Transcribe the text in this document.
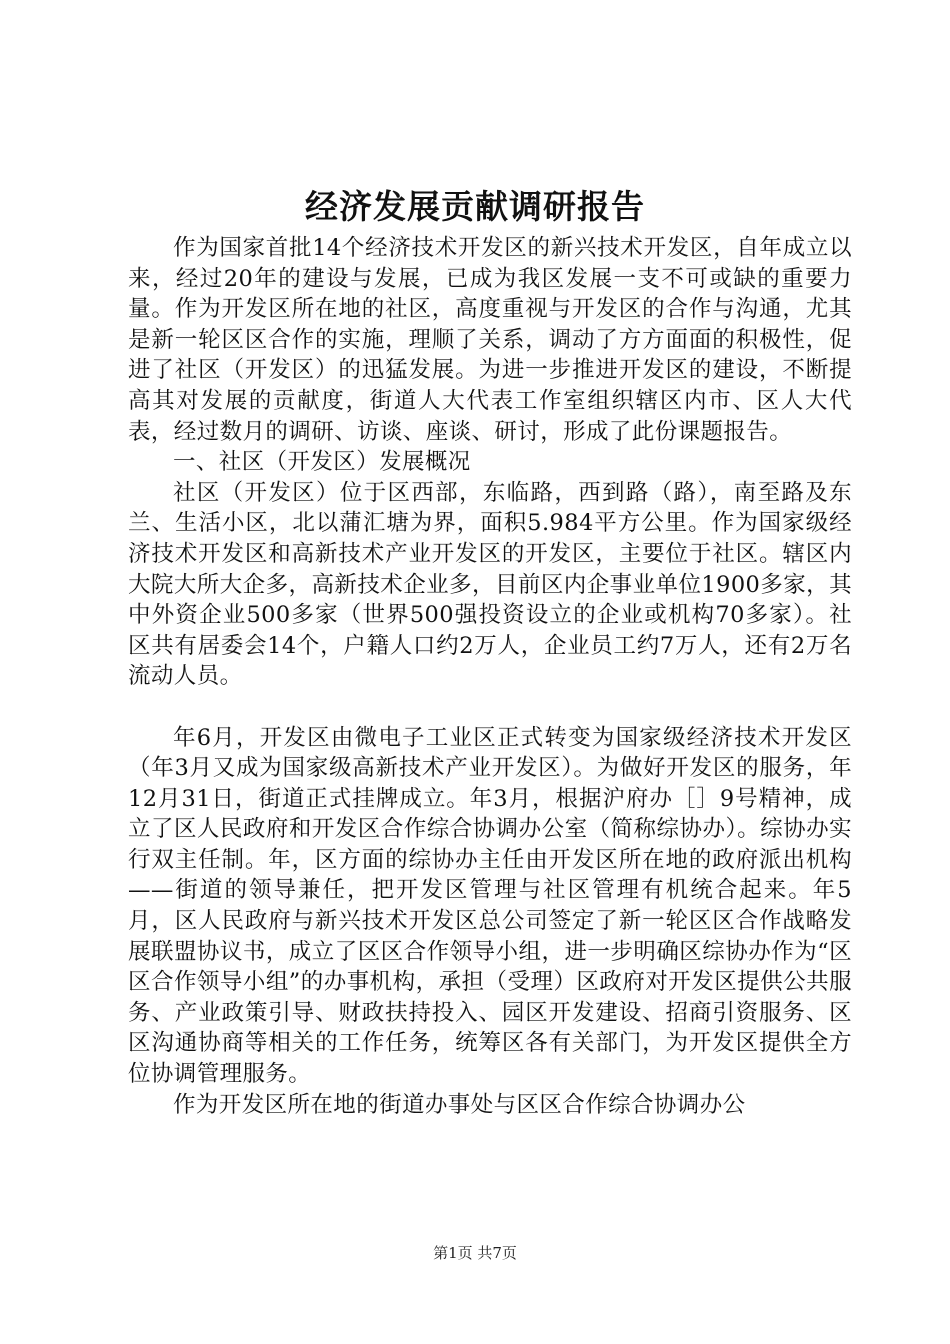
经济发展贡献调研报告

作为国家首批14个经济技术开发区的新兴技术开发区，自年成立以来，经过20年的建设与发展，已成为我区发展一支不可或缺的重要力量。作为开发区所在地的社区，高度重视与开发区的合作与沟通，尤其是新一轮区区合作的实施，理顺了关系，调动了方方面面的积极性，促进了社区（开发区）的迅猛发展。为进一步推进开发区的建设，不断提高其对发展的贡献度，街道人大代表工作室组织辖区内市、区人大代表，经过数月的调研、访谈、座谈、研讨，形成了此份课题报告。

一、社区（开发区）发展概况

社区（开发区）位于区西部，东临路，西到路（路），南至路及东兰、生活小区，北以蒲汇塘为界，面积5.984平方公里。作为国家级经济技术开发区和高新技术产业开发区的开发区，主要位于社区。辖区内大院大所大企多，高新技术企业多，目前区内企事业单位1900多家，其中外资企业500多家（世界500强投资设立的企业或机构70多家）。社区共有居委会14个，户籍人口约2万人，企业员工约7万人，还有2万名流动人员。

年6月，开发区由微电子工业区正式转变为国家级经济技术开发区（年3月又成为国家级高新技术产业开发区）。为做好开发区的服务，年12月31日，街道正式挂牌成立。年3月，根据沪府办［］9号精神，成立了区人民政府和开发区合作综合协调办公室（简称综协办）。综协办实行双主任制。年，区方面的综协办主任由开发区所在地的政府派出机构——街道的领导兼任，把开发区管理与社区管理有机统合起来。年5月，区人民政府与新兴技术开发区总公司签定了新一轮区区合作战略发展联盟协议书，成立了区区合作领导小组，进一步明确区综协办作为“区区合作领导小组”的办事机构，承担（受理）区政府对开发区提供公共服务、产业政策引导、财政扶持投入、园区开发建设、招商引资服务、区区沟通协商等相关的工作任务，统筹区各有关部门，为开发区提供全方位协调管理服务。

作为开发区所在地的街道办事处与区区合作综合协调办公

第1页 共7页
